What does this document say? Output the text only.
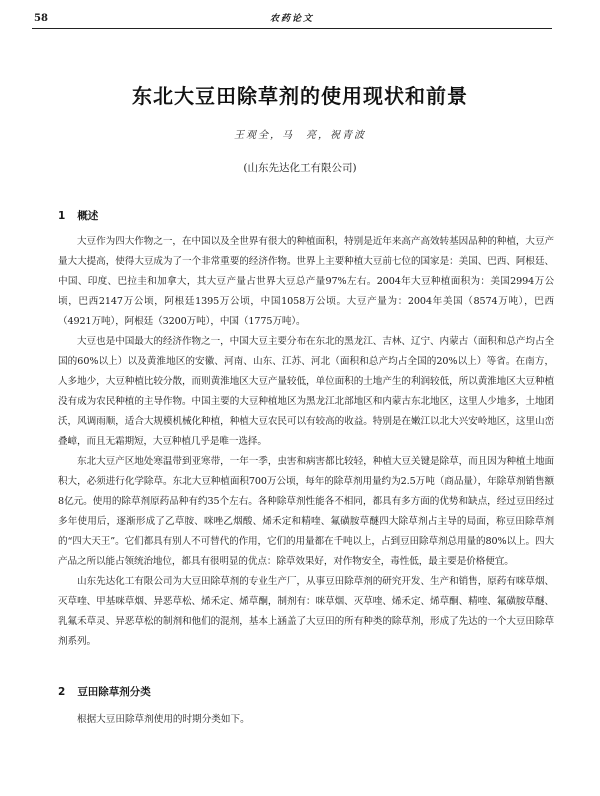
58	农药论文
东北大豆田除草剂的使用现状和前景
王观全，马　亮，祝青波
(山东先达化工有限公司)
1 概述

大豆作为四大作物之一，在中国以及全世界有很大的种植面积，特别是近年来高产高效转基因品种的种植，大豆产量大大提高，使得大豆成为了一个非常重要的经济作物。世界上主要种植大豆前七位的国家是：美国、巴西、阿根廷、中国、印度、巴拉圭和加拿大，其大豆产量占世界大豆总产量97%左右。2004年大豆种植面积为：美国2994万公顷，巴西2147万公顷，阿根廷1395万公顷，中国1058万公顷。大豆产量为：2004年美国（8574万吨），巴西（4921万吨），阿根廷（3200万吨），中国（1775万吨）。

大豆也是中国最大的经济作物之一，中国大豆主要分布在东北的黑龙江、吉林、辽宁、内蒙古（面积和总产均占全国的60%以上）以及黄淮地区的安徽、河南、山东、江苏、河北（面积和总产均占全国的20%以上）等省。在南方，人多地少，大豆种植比较分散，而则黄淮地区大豆产量较低，单位面积的土地产生的利润较低，所以黄淮地区大豆种植没有成为农民种植的主导作物。中国主要的大豆种植地区为黑龙江北部地区和内蒙古东北地区，这里人少地多，土地团沃，风调雨顺，适合大规模机械化种植，种植大豆农民可以有较高的收益。特别是在嫩江以北大兴安岭地区，这里山峦叠嶂，而且无霜期短，大豆种植几乎是唯一选择。

东北大豆产区地处寒温带到亚寒带，一年一季，虫害和病害都比较轻，种植大豆关键是除草，而且因为种植土地面积大，必须进行化学除草。东北大豆种植面积700万公顷，每年的除草剂用量约为2.5万吨（商品量），年除草剂销售额8亿元。使用的除草剂原药品种有约35个左右。各种除草剂性能各不相同，都具有多方面的优势和缺点，经过豆田经过多年使用后，逐渐形成了乙草胺、咪唑乙烟酸、烯禾定和精喹、氟磺胺草醚四大除草剂占主导的局面，称豆田除草剂的“四大天王”。它们都具有别人不可替代的作用，它们的用量都在千吨以上，占到豆田除草剂总用量的80%以上。四大产品之所以能占领统治地位，都具有很明显的优点：除草效果好，对作物安全，毒性低，最主要是价格便宜。

山东先达化工有限公司为大豆田除草剂的专业生产厂，从事豆田除草剂的研究开发、生产和销售，原药有咪草烟、灭草喹、甲基咪草烟、异恶草松、烯禾定、烯草酮，制剂有：咪草烟、灭草喹、烯禾定、烯草酮、精喹、氟磺胺草醚、乳氟禾草灵、异恶草松的制剂和他们的混剂，基本上涵盖了大豆田的所有种类的除草剂，形成了先达的一个大豆田除草剂系列。

2 豆田除草剂分类
根据大豆田除草剂使用的时期分类如下。
